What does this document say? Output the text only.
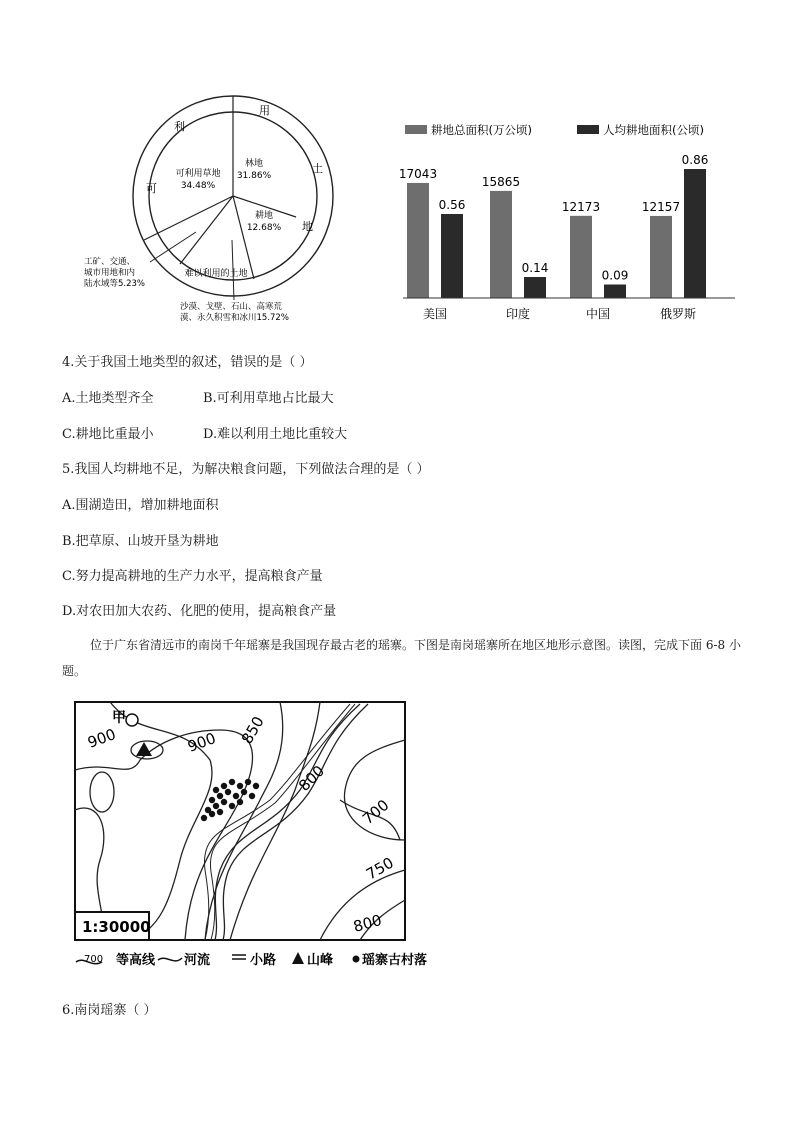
可
利
用
土
地
可利用草地 34.48%
林地 31.86%
耕地 12.68%
难以利用的土地
工矿、交通、城市用地和内陆水域等5.23%
沙漠、戈壁、石山、高寒荒漠、永久积雪和冰川15.72%
耕地总面积(万公顷)	人均耕地面积(公顷)
17043
0.56
15865
0.14
12173
0.09
12157
0.86
美国	印度	中国	俄罗斯
4.关于我国土地类型的叙述，错误的是（ ）
A.土地类型齐全	B.可利用草地占比最大
C.耕地比重最小	D.难以利用土地比重较大
5.我国人均耕地不足，为解决粮食问题，下列做法合理的是（ ）
A.围湖造田，增加耕地面积
B.把草原、山坡开垦为耕地
C.努力提高耕地的生产力水平，提高粮食产量
D.对农田加大农药、化肥的使用，提高粮食产量
位于广东省清远市的南岗千年瑶寨是我国现存最古老的瑶寨。下图是南岗瑶寨所在地区地形示意图。读图，完成下面 6-8 小题。
甲
900	900 850
800
700
750
800
1:30000
700 等高线 河流	小路 山峰 瑶寨古村落
6.南岗瑶寨（ ）
